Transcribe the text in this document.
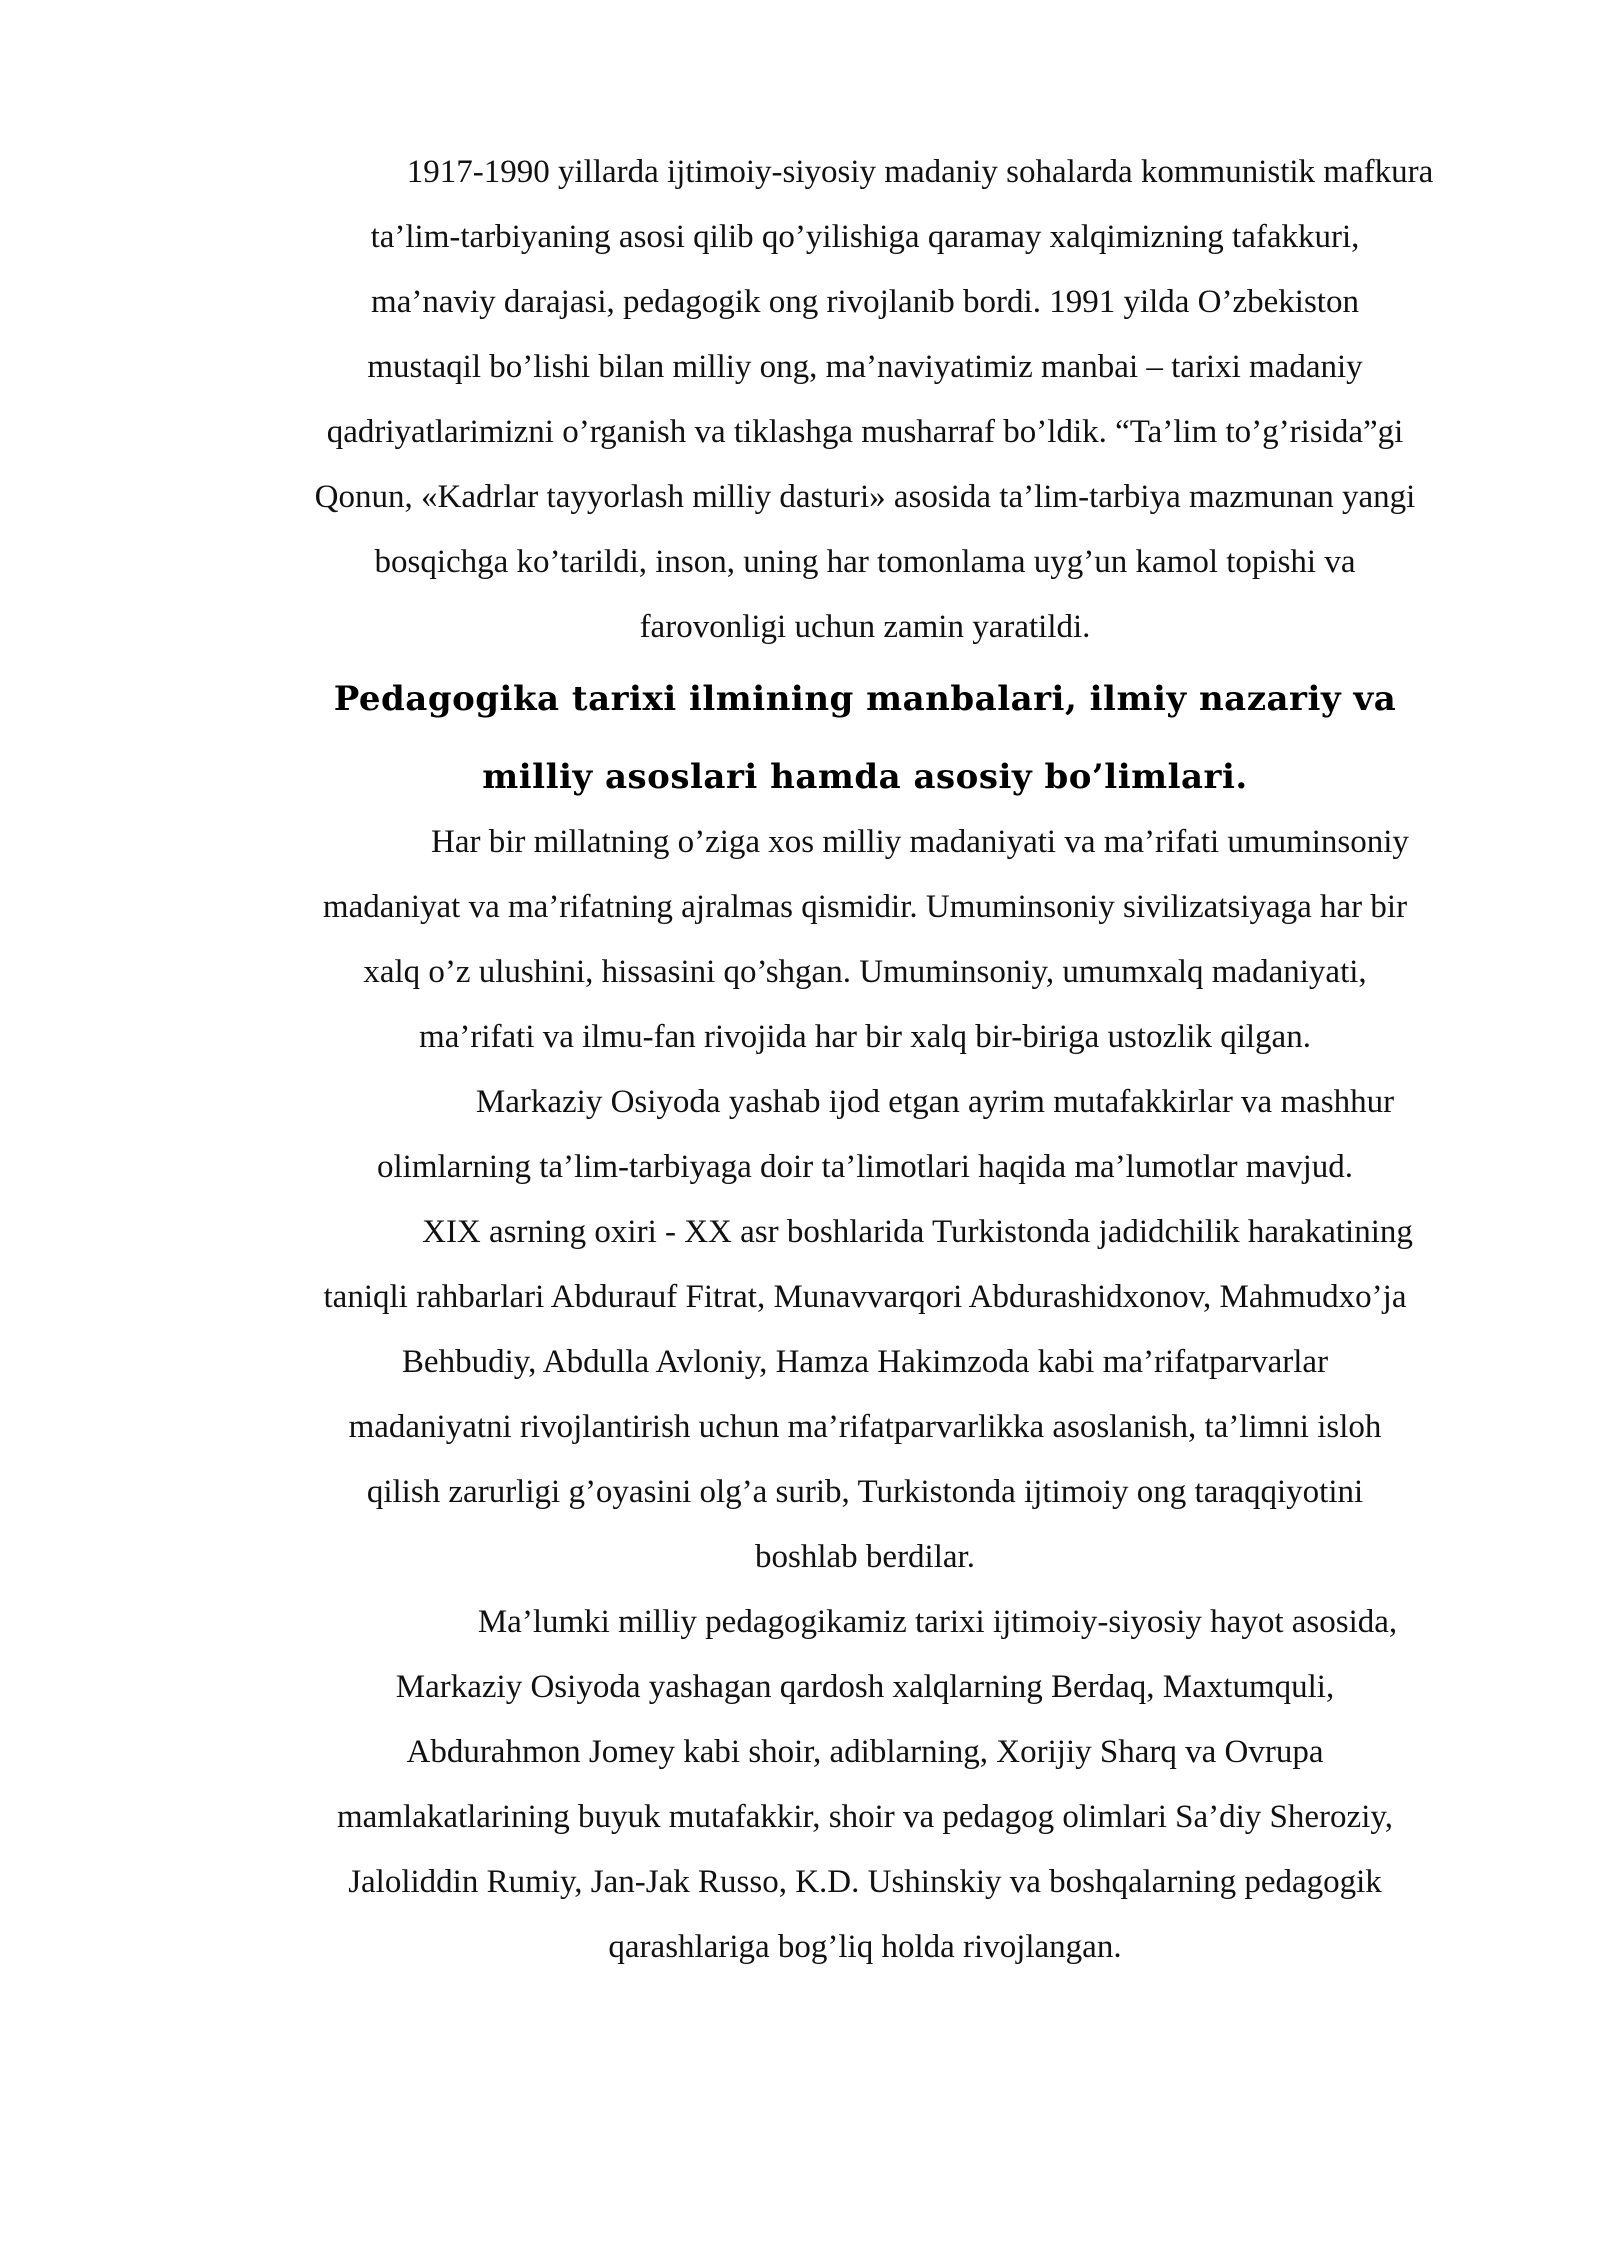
1917-1990 yillarda ijtimoiy-siyosiy madaniy sohalarda kommunistik mafkura
ta’lim-tarbiyaning asosi qilib qo’yilishiga qaramay xalqimizning tafakkuri,
ma’naviy darajasi, pedagogik ong rivojlanib bordi. 1991 yilda O’zbekiston
mustaqil bo’lishi bilan milliy ong, ma’naviyatimiz manbai – tarixi madaniy
qadriyatlarimizni o’rganish va tiklashga musharraf bo’ldik. “Ta’lim to’g’risida”gi
Qonun, «Kadrlar tayyorlash milliy dasturi» asosida ta’lim-tarbiya mazmunan yangi
bosqichga ko’tarildi, inson, uning har tomonlama uyg’un kamol topishi va
farovonligi uchun zamin yaratildi.

Pedagogika tarixi ilmining manbalari, ilmiy nazariy va
milliy asoslari hamda asosiy bo’limlari.

Har bir millatning o’ziga xos milliy madaniyati va ma’rifati umuminsoniy
madaniyat va ma’rifatning ajralmas qismidir. Umuminsoniy sivilizatsiyaga har bir
xalq o’z ulushini, hissasini qo’shgan. Umuminsoniy, umumxalq madaniyati,
ma’rifati va ilmu-fan rivojida har bir xalq bir-biriga ustozlik qilgan.

Markaziy Osiyoda yashab ijod etgan ayrim mutafakkirlar va mashhur
olimlarning ta’lim-tarbiyaga doir ta’limotlari haqida ma’lumotlar mavjud.

XIX asrning oxiri - XX asr boshlarida Turkistonda jadidchilik harakatining
taniqli rahbarlari Abdurauf Fitrat, Munavvarqori Abdurashidxonov, Mahmudxo’ja
Behbudiy, Abdulla Avloniy, Hamza Hakimzoda kabi ma’rifatparvarlar
madaniyatni rivojlantirish uchun ma’rifatparvarlikka asoslanish, ta’limni isloh
qilish zarurligi g’oyasini olg’a surib, Turkistonda ijtimoiy ong taraqqiyotini
boshlab berdilar.

Ma’lumki milliy pedagogikamiz tarixi ijtimoiy-siyosiy hayot asosida,
Markaziy Osiyoda yashagan qardosh xalqlarning Berdaq, Maxtumquli,
Abdurahmon Jomey kabi shoir, adiblarning, Xorijiy Sharq va Ovrupa
mamlakatlarining buyuk mutafakkir, shoir va pedagog olimlari Sa’diy Sheroziy,
Jaloliddin Rumiy, Jan-Jak Russo, K.D. Ushinskiy va boshqalarning pedagogik
qarashlariga bog’liq holda rivojlangan.
